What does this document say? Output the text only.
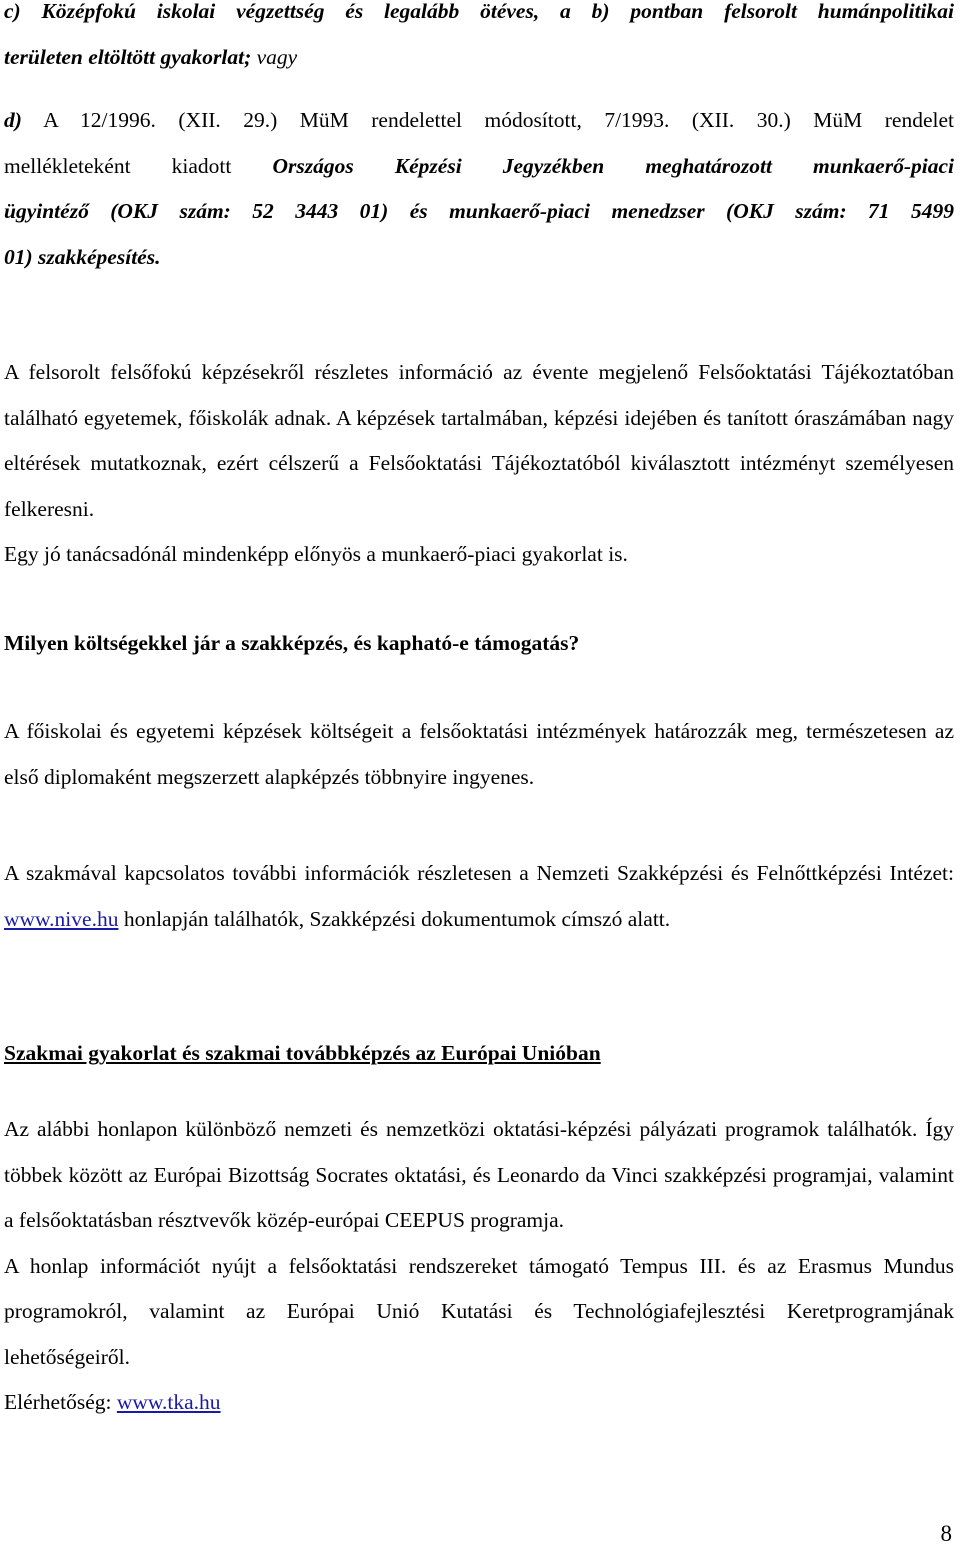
c) Középfokú iskolai végzettség és legalább ötéves, a b) pontban felsorolt humánpolitikai
területen eltöltött gyakorlat; vagy
d) A 12/1996. (XII. 29.) MüM rendelettel módosított, 7/1993. (XII. 30.) MüM rendelet
mellékleteként kiadott Országos Képzési Jegyzékben meghatározott munkaerő-piaci
ügyintéző (OKJ szám: 52 3443 01) és munkaerő-piaci menedzser (OKJ szám: 71 5499
01) szakképesítés.
A felsorolt felsőfokú képzésekről részletes információ az évente megjelenő Felsőoktatási Tájékoztatóban található egyetemek, főiskolák adnak. A képzések tartalmában, képzési idejében és tanított óraszámában nagy eltérések mutatkoznak, ezért célszerű a Felsőoktatási Tájékoztatóból kiválasztott intézményt személyesen felkeresni.
Egy jó tanácsadónál mindenképp előnyös a munkaerő-piaci gyakorlat is.
Milyen költségekkel jár a szakképzés, és kapható-e támogatás?
A főiskolai és egyetemi képzések költségeit a felsőoktatási intézmények határozzák meg, természetesen az első diplomaként megszerzett alapképzés többnyire ingyenes.
A szakmával kapcsolatos további információk részletesen a Nemzeti Szakképzési és Felnőttképzési Intézet: www.nive.hu honlapján találhatók, Szakképzési dokumentumok címszó alatt.
Szakmai gyakorlat és szakmai továbbképzés az Európai Unióban
Az alábbi honlapon különböző nemzeti és nemzetközi oktatási-képzési pályázati programok találhatók. Így többek között az Európai Bizottság Socrates oktatási, és Leonardo da Vinci szakképzési programjai, valamint a felsőoktatásban résztvevők közép-európai CEEPUS programja.
A honlap információt nyújt a felsőoktatási rendszereket támogató Tempus III. és az Erasmus Mundus programokról, valamint az Európai Unió Kutatási és Technológiafejlesztési Keretprogramjának lehetőségeiről.
Elérhetőség: www.tka.hu
8
